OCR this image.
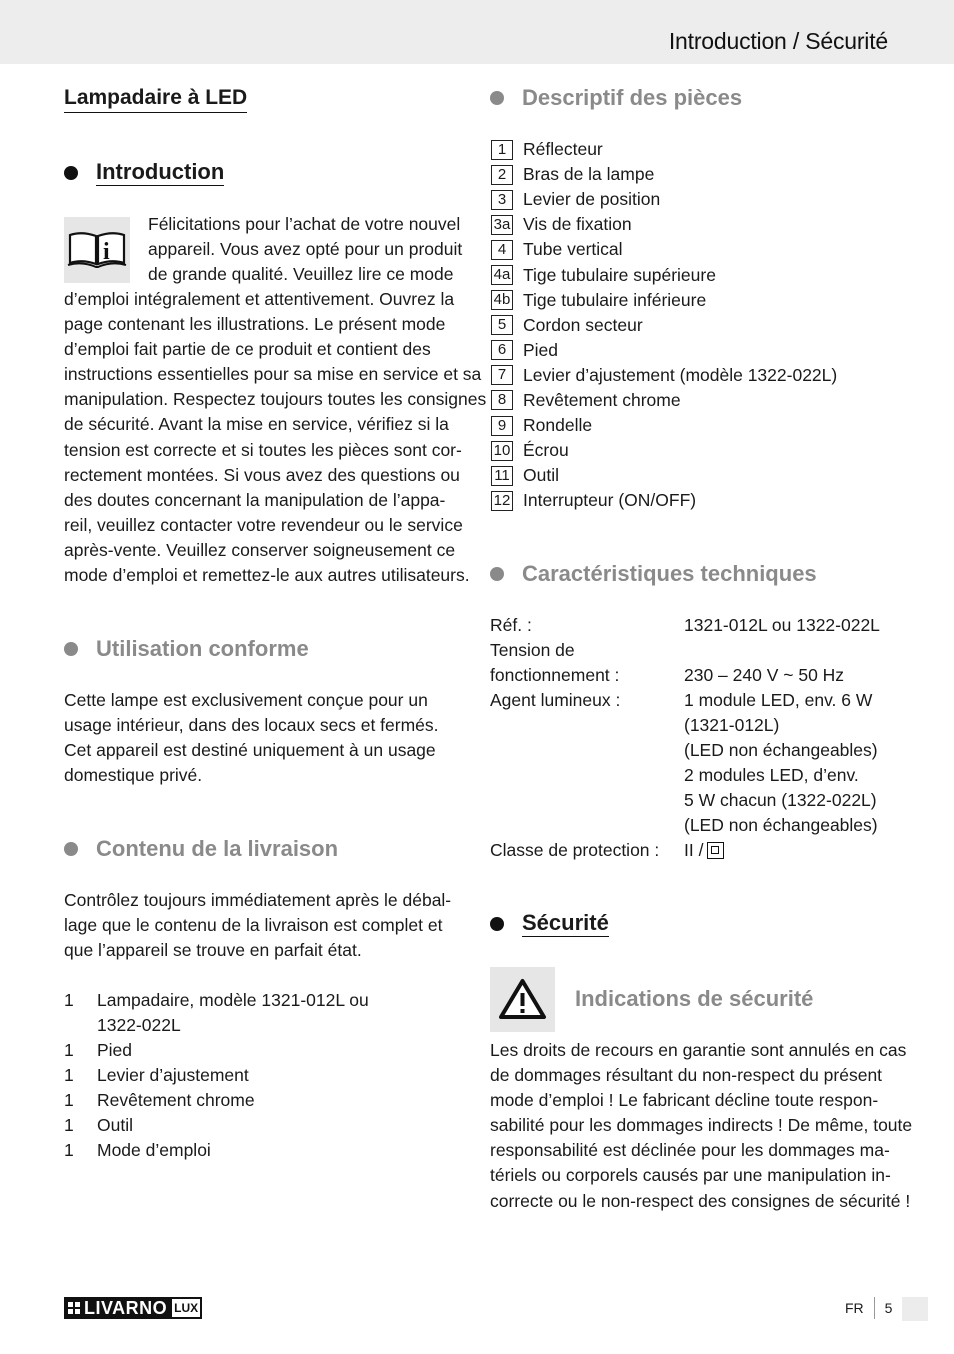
Introduction / Sécurité
Lampadaire à LED
Introduction
i
Félicitations pour l’achat de votre nouvel
appareil. Vous avez opté pour un produit
de grande qualité. Veuillez lire ce mode
d’emploi intégralement et attentivement. Ouvrez la
page contenant les illustrations. Le présent mode
d’emploi fait partie de ce produit et contient des
instructions essentielles pour sa mise en service et sa
manipulation. Respectez toujours toutes les consignes
de sécurité. Avant la mise en service, vérifiez si la
tension est correcte et si toutes les pièces sont cor-
rectement montées. Si vous avez des questions ou
des doutes concernant la manipulation de l’appa-
reil, veuillez contacter votre revendeur ou le service
après-vente. Veuillez conserver soigneusement ce
mode d’emploi et remettez-le aux autres utilisateurs.
Utilisation conforme
Cette lampe est exclusivement conçue pour un
usage intérieur, dans des locaux secs et fermés.
Cet appareil est destiné uniquement à un usage
domestique privé.
Contenu de la livraison
Contrôlez toujours immédiatement après le débal-
lage que le contenu de la livraison est complet et
que l’appareil se trouve en parfait état.
1	Lampadaire, modèle 1321-012L ou
1322-022L
1	Pied
1	Levier d’ajustement
1	Revêtement chrome
1	Outil
1	Mode d’emploi
Descriptif des pièces
1 Réflecteur
2 Bras de la lampe
3 Levier de position
3a Vis de fixation
4 Tube vertical
4a Tige tubulaire supérieure
4b Tige tubulaire inférieure
5 Cordon secteur
6 Pied
7 Levier d’ajustement (modèle 1322-022L)
8 Revêtement chrome
9 Rondelle
10 Écrou
11 Outil
12 Interrupteur (ON/OFF)
Caractéristiques techniques
Réf. :	1321-012L ou 1322-022L
Tension de
fonctionnement :	230 – 240 V ~ 50 Hz
Agent lumineux :	1 module LED, env. 6 W
(1321-012L)
(LED non échangeables)
2 modules LED, d’env.
5 W chacun (1322-022L)
(LED non échangeables)
Classe de protection : II /
Sécurité
Indications de sécurité
Les droits de recours en garantie sont annulés en cas
de dommages résultant du non-respect du présent
mode d’emploi ! Le fabricant décline toute respon-
sabilité pour les dommages indirects ! De même, toute
responsabilité est déclinée pour les dommages ma-
tériels ou corporels causés par une manipulation in-
correcte ou le non-respect des consignes de sécurité !
LIVARNO LUX	FR 5
